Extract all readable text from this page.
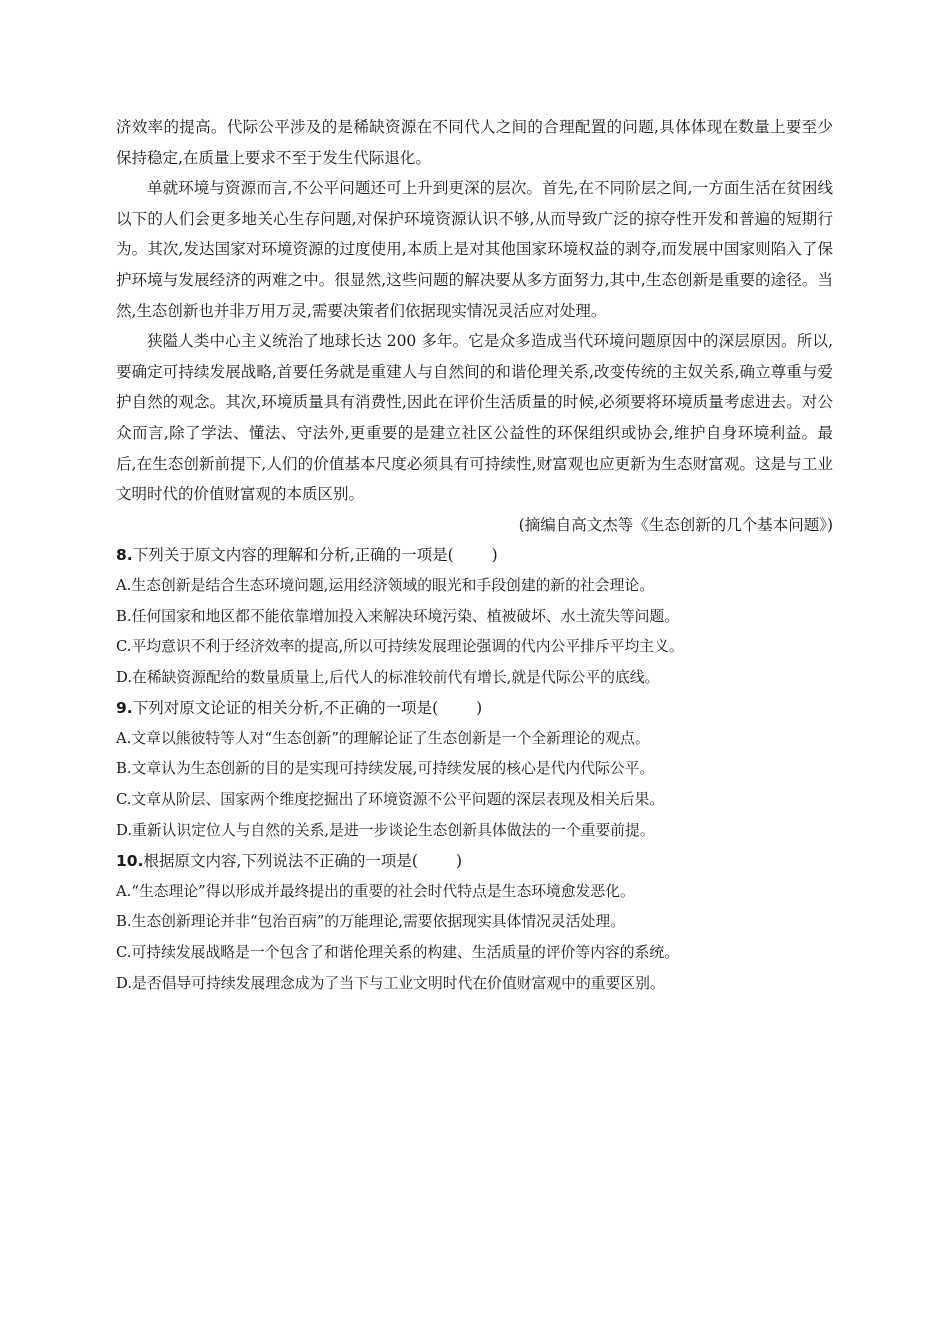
济效率的提高。代际公平涉及的是稀缺资源在不同代人之间的合理配置的问题,具体体现在数量上要至少保持稳定,在质量上要求不至于发生代际退化。

单就环境与资源而言,不公平问题还可上升到更深的层次。首先,在不同阶层之间,一方面生活在贫困线以下的人们会更多地关心生存问题,对保护环境资源认识不够,从而导致广泛的掠夺性开发和普遍的短期行为。其次,发达国家对环境资源的过度使用,本质上是对其他国家环境权益的剥夺,而发展中国家则陷入了保护环境与发展经济的两难之中。很显然,这些问题的解决要从多方面努力,其中,生态创新是重要的途径。当然,生态创新也并非万用万灵,需要决策者们依据现实情况灵活应对处理。

狭隘人类中心主义统治了地球长达 200 多年。它是众多造成当代环境问题原因中的深层原因。所以,要确定可持续发展战略,首要任务就是重建人与自然间的和谐伦理关系,改变传统的主奴关系,确立尊重与爱护自然的观念。其次,环境质量具有消费性,因此在评价生活质量的时候,必须要将环境质量考虑进去。对公众而言,除了学法、懂法、守法外,更重要的是建立社区公益性的环保组织或协会,维护自身环境利益。最后,在生态创新前提下,人们的价值基本尺度必须具有可持续性,财富观也应更新为生态财富观。这是与工业文明时代的价值财富观的本质区别。

(摘编自高文杰等《生态创新的几个基本问题》)

8.下列关于原文内容的理解和分析,正确的一项是( )

A.生态创新是结合生态环境问题,运用经济领域的眼光和手段创建的新的社会理论。

B.任何国家和地区都不能依靠增加投入来解决环境污染、植被破坏、水土流失等问题。

C.平均意识不利于经济效率的提高,所以可持续发展理论强调的代内公平排斥平均主义。

D.在稀缺资源配给的数量质量上,后代人的标准较前代有增长,就是代际公平的底线。

9.下列对原文论证的相关分析,不正确的一项是( )

A.文章以熊彼特等人对“生态创新”的理解论证了生态创新是一个全新理论的观点。

B.文章认为生态创新的目的是实现可持续发展,可持续发展的核心是代内代际公平。

C.文章从阶层、国家两个维度挖掘出了环境资源不公平问题的深层表现及相关后果。

D.重新认识定位人与自然的关系,是进一步谈论生态创新具体做法的一个重要前提。

10.根据原文内容,下列说法不正确的一项是( )

A.“生态理论”得以形成并最终提出的重要的社会时代特点是生态环境愈发恶化。

B.生态创新理论并非“包治百病”的万能理论,需要依据现实具体情况灵活处理。

C.可持续发展战略是一个包含了和谐伦理关系的构建、生活质量的评价等内容的系统。

D.是否倡导可持续发展理念成为了当下与工业文明时代在价值财富观中的重要区别。
